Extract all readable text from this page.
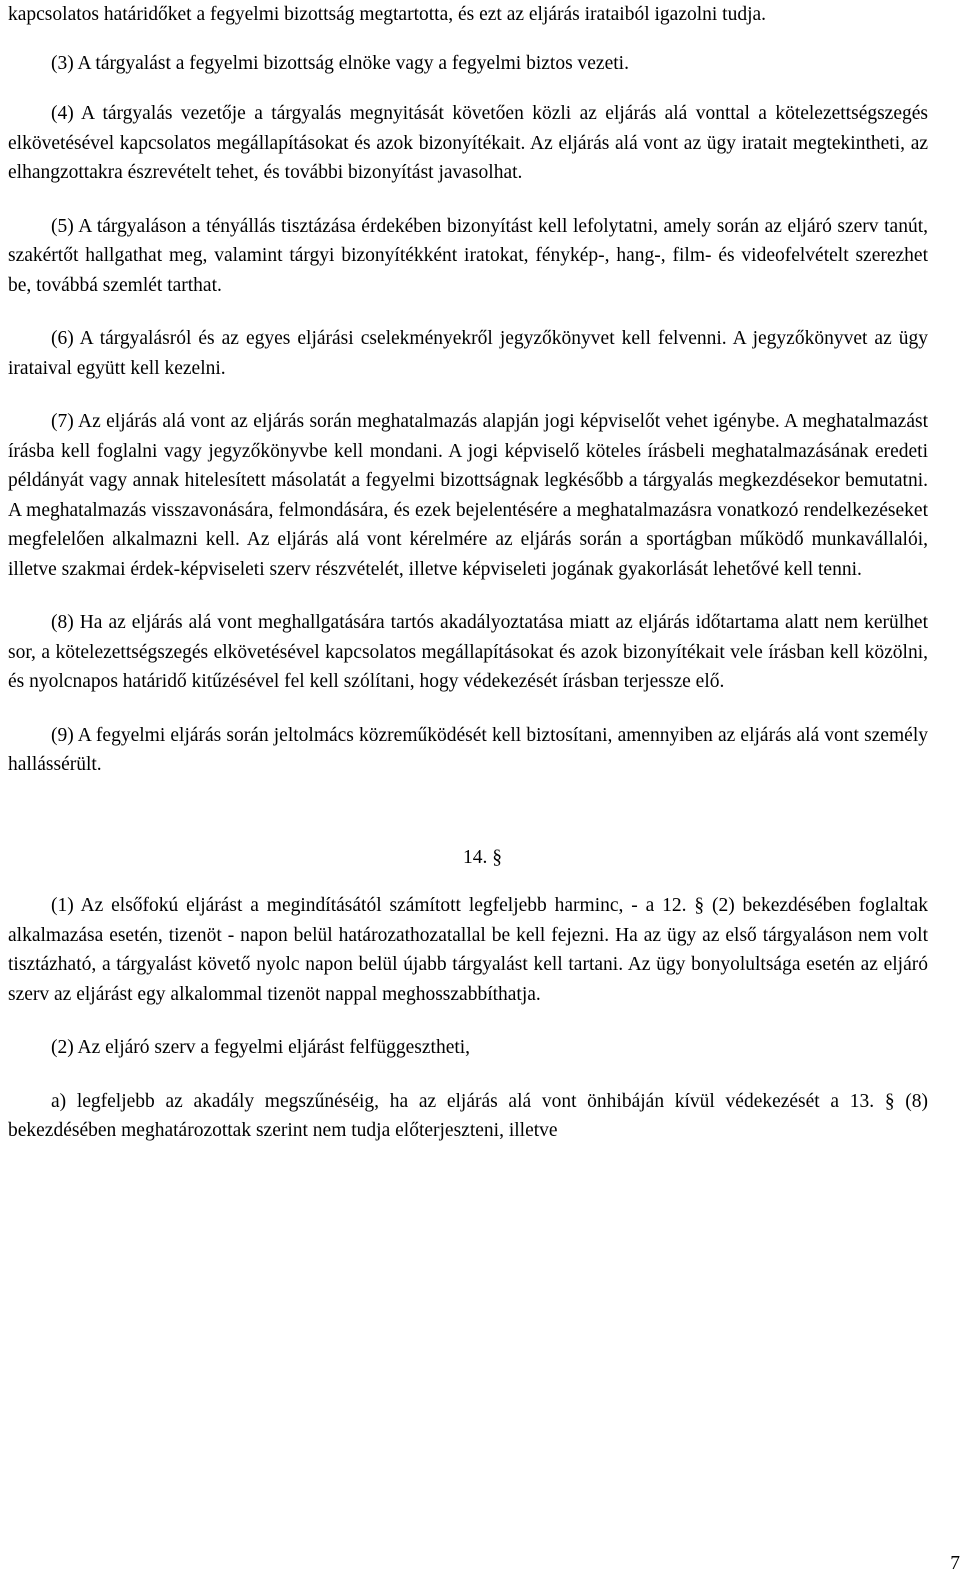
kapcsolatos határidőket a fegyelmi bizottság megtartotta, és ezt az eljárás irataiból igazolni tudja.

(3) A tárgyalást a fegyelmi bizottság elnöke vagy a fegyelmi biztos vezeti.

(4) A tárgyalás vezetője a tárgyalás megnyitását követően közli az eljárás alá vonttal a kötelezettségszegés elkövetésével kapcsolatos megállapításokat és azok bizonyítékait. Az eljárás alá vont az ügy iratait megtekintheti, az elhangzottakra észrevételt tehet, és további bizonyítást javasolhat.

(5) A tárgyaláson a tényállás tisztázása érdekében bizonyítást kell lefolytatni, amely során az eljáró szerv tanút, szakértőt hallgathat meg, valamint tárgyi bizonyítékként iratokat, fénykép-, hang-, film- és videofelvételt szerezhet be, továbbá szemlét tarthat.

(6) A tárgyalásról és az egyes eljárási cselekményekről jegyzőkönyvet kell felvenni. A jegyzőkönyvet az ügy irataival együtt kell kezelni.

(7) Az eljárás alá vont az eljárás során meghatalmazás alapján jogi képviselőt vehet igénybe. A meghatalmazást írásba kell foglalni vagy jegyzőkönyvbe kell mondani. A jogi képviselő köteles írásbeli meghatalmazásának eredeti példányát vagy annak hitelesített másolatát a fegyelmi bizottságnak legkésőbb a tárgyalás megkezdésekor bemutatni. A meghatalmazás visszavonására, felmondására, és ezek bejelentésére a meghatalmazásra vonatkozó rendelkezéseket megfelelően alkalmazni kell. Az eljárás alá vont kérelmére az eljárás során a sportágban működő munkavállalói, illetve szakmai érdek-képviseleti szerv részvételét, illetve képviseleti jogának gyakorlását lehetővé kell tenni.

(8) Ha az eljárás alá vont meghallgatására tartós akadályoztatása miatt az eljárás időtartama alatt nem kerülhet sor, a kötelezettségszegés elkövetésével kapcsolatos megállapításokat és azok bizonyítékait vele írásban kell közölni, és nyolcnapos határidő kitűzésével fel kell szólítani, hogy védekezését írásban terjessze elő.

(9) A fegyelmi eljárás során jeltolmács közreműködését kell biztosítani, amennyiben az eljárás alá vont személy hallássérült.

14. §

(1) Az elsőfokú eljárást a megindításától számított legfeljebb harminc, - a 12. § (2) bekezdésében foglaltak alkalmazása esetén, tizenöt - napon belül határozathozatallal be kell fejezni. Ha az ügy az első tárgyaláson nem volt tisztázható, a tárgyalást követő nyolc napon belül újabb tárgyalást kell tartani. Az ügy bonyolultsága esetén az eljáró szerv az eljárást egy alkalommal tizenöt nappal meghosszabbíthatja.

(2) Az eljáró szerv a fegyelmi eljárást felfüggesztheti,

a) legfeljebb az akadály megszűnéséig, ha az eljárás alá vont önhibáján kívül védekezését a 13. § (8) bekezdésében meghatározottak szerint nem tudja előterjeszteni, illetve

7
